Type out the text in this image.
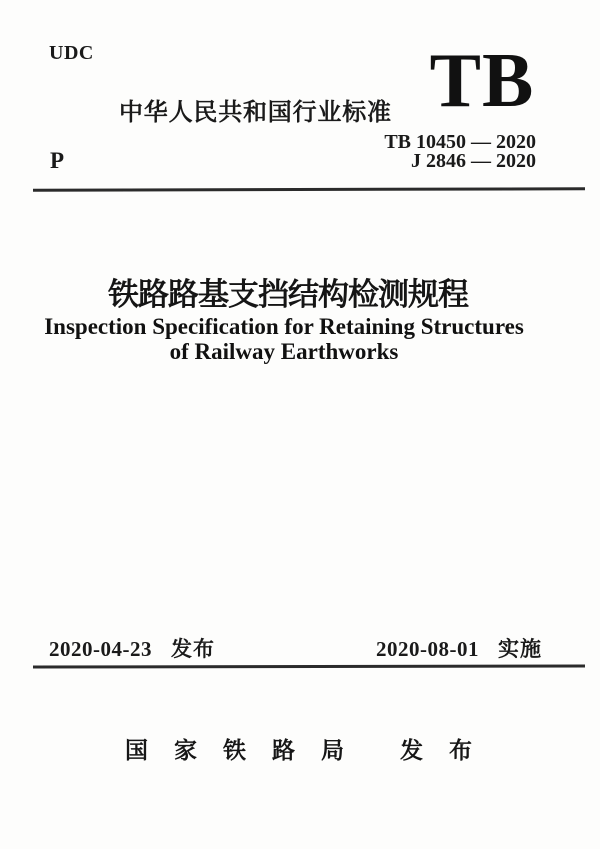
UDC
中华人民共和国行业标准
P
TB
TB 10450 — 2020
J 2846 — 2020
铁路路基支挡结构检测规程
Inspection Specification for Retaining Structures
of Railway Earthworks
2020-04-23 发布	2020-08-01 实施
国家铁路局 发布
